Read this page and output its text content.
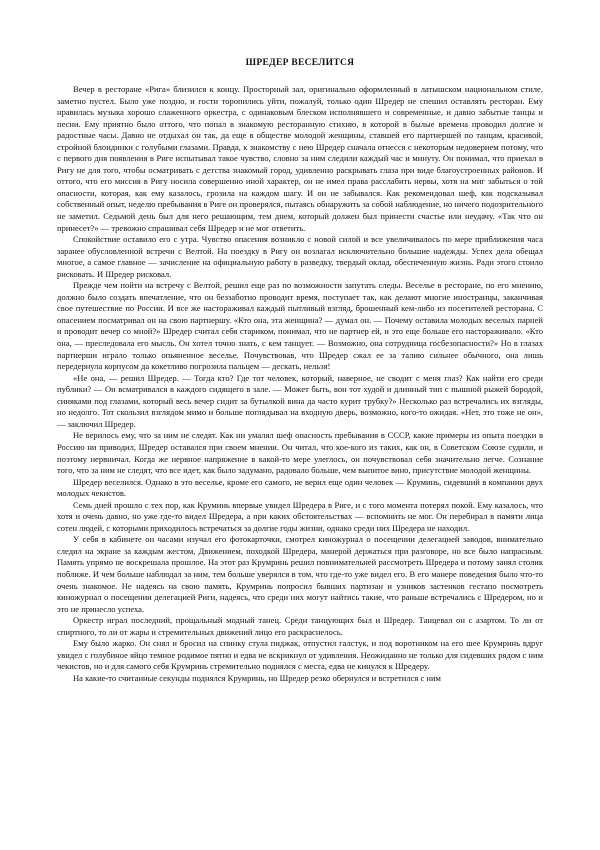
ШРЕДЕР ВЕСЕЛИТСЯ

Вечер в ресторане «Рига» близился к концу. Просторный зал, оригинально оформленный в латышском национальном стиле, заметно пустел. Было уже поздно, и гости торопились уйти, пожалуй, только один Шредер не спешил оставлять ресторан. Ему нравилась музыка хорошо слаженного оркестра, с одинаковым блеском исполнявшего и современные, и давно забытые танцы и песни. Ему приятно было оттого, что попал в знакомую ресторанную стихию, в которой в былые времена проводил долгие и радостные часы. Давно не отдыхал он так, да еще в обществе молодой женщины, ставшей его партнершей по танцам, красивой, стройной блондинки с голубыми глазами. Правда, к знакомству с нею Шредер сначала отнесся с некоторым недоверием потому, что с первого дня появления в Риге испытывал такое чувство, словно за ним следили каждый час и минуту. Он понимал, что приехал в Ригу не для того, чтобы осматривать с детства знакомый город, удивленно раскрывать глаза при виде благоустроенных районов. И оттого, что его миссия в Ригу носила совершенно иной характер, он не имел права расслабить нервы, хотя на миг забыться о той опасности, которая, как ему казалось, грозила на каждом шагу. И он не забывался. Как рекомендовал шеф, как подсказывал собственный опыт, неделю пребывания в Риге он проверялся, пытаясь обнаружить за собой наблюдение, но ничего подозрительного не заметил. Седьмой день был для него решающим, тем днем, который должен был принести счастье или неудачу. «Так что он принесет?» — тревожно спрашивал себя Шредер и не мог ответить.

Спокойствие оставило его с утра. Чувство опасения возникло с новой силой и все увеличивалось по мере приближения часа заранее обусловленной встречи с Велтой. На поездку в Ригу он возлагал исключительно большие надежды. Успех дела обещал многое, а самое главное — зачисление на официальную работу в разведку, твердый оклад, обеспеченную жизнь. Ради этого стоило рисковать. И Шредер рисковал.

Прежде чем пойти на встречу с Велтой, решил еще раз по возможности запутать следы. Веселье в ресторане, по его мнению, должно было создать впечатление, что он беззаботно проводит время, поступает так, как делают многие иностранцы, заканчивая свое путешествие по России. И все же настораживал каждый пытливый взгляд, брошенный кем-либо из посетителей ресторана. С опасением посматривал он на свою партнершу. «Кто она, эта женщина? — думал он. — Почему оставила молодых веселых парней и проводит вечер со мной?» Шредер считал себя стариком, понимал, что не партнер ей, и это еще больше его настораживало. «Кто она, — преследовала его мысль. Он хотел точно знать, с кем танцует. — Возможно, она сотрудница госбезопасности?» Но в глазах партнерши играло только опьяненное веселье. Почувствовав, что Шредер сжал ее за талию сильнее обычного, она лишь передернула корпусом да кокетливо погрозила пальцем — дескать, нельзя!

«Не она, — решил Шредер. — Тогда кто? Где тот человек, который, наверное, не сводит с меня глаз? Как найти его среди публики? — Он всматривался в каждого сидящего в зале. — Может быть, вон тот худой и длинный тип с пышной рыжей бородой, синяками под глазами, который весь вечер сидит за бутылкой вина да часто курит трубку?» Несколько раз встречались их взгляды, но недолго. Тот скользил взглядом мимо и больше поглядывал на входную дверь, возможно, кого-то ожидая. «Нет, это тоже не он», — заключил Шредер.

Не верилось ему, что за ним не следят. Как ни умалял шеф опасность пребывания в СССР, какие примеры из опыта поездки в Россию ни приводил, Шредер оставался при своем мнении. Он читал, что кое-кого из таких, как он, в Советском Союзе судили, и поэтому нервничал. Когда же нервное напряжение в какой-то мере улеглось, он почувствовал себя значительно легче. Сознание того, что за ним не следят, что все идет, как было задумано, радовало больше, чем выпитое вино, присутствие молодой женщины.

Шредер веселился. Однако в это веселье, кроме его самого, не верил еще один человек — Круминь, сидевший в компании двух молодых чекистов.

Семь дней прошло с тех пор, как Круминь впервые увидел Шредера в Риге, и с того момента потерял покой. Ему казалось, что хотя и очень давно, но уже где-то видел Шредера, а при каких обстоятельствах — вспомнить не мог. Он перебирал в памяти лица сотен людей, с которыми приходилось встречаться за долгие годы жизни, однако среди них Шредера не находил.

У себя в кабинете он часами изучал его фотокарточки, смотрел киножурнал о посещении делегацией заводов, внимательно следил на экране за каждым жестом, Движением, походкой Шредера, манерой держаться при разговоре, но все было напрасным. Память упрямо не воскрешала прошлое. На этот раз Крумринь решил повнимательней рассмотреть Шредера и потому занял столик поближе. И чем больше наблюдал за ним, тем больше уверялся в том, что где-то уже видел его. В его манере поведения было что-то очень знакомое. Не надеясь на свою память, Крумринь попросил бывших партизан и узников застенков гестапо посмотреть киножурнал о посещении делегацией Риги, надеясь, что среди них могут найтись такие, что раньше встречались с Шредером, но и это не принесло успеха.

Оркестр играл последний, прощальный модный танец. Среди танцующих был и Шредер. Танцевал он с азартом. То ли от спиртного, то ли от жары и стремительных движений лицо его раскраснелось.

Ему было жарко. Он снял и бросил на спинку стула пиджак, отпустил галстук, и под воротником на его шее Крумринь вдруг увидел с голубиное яйцо темное родимое пятно и едва не вскрикнул от удивления. Неожиданно не только для сидевших рядом с ним чекистов, но и для самого себя Крумринь стремительно поднялся с места, едва не кинулся к Шредеру.

На какие-то считанные секунды поднялся Крумринь, но Шредер резко обернулся и встретился с ним
